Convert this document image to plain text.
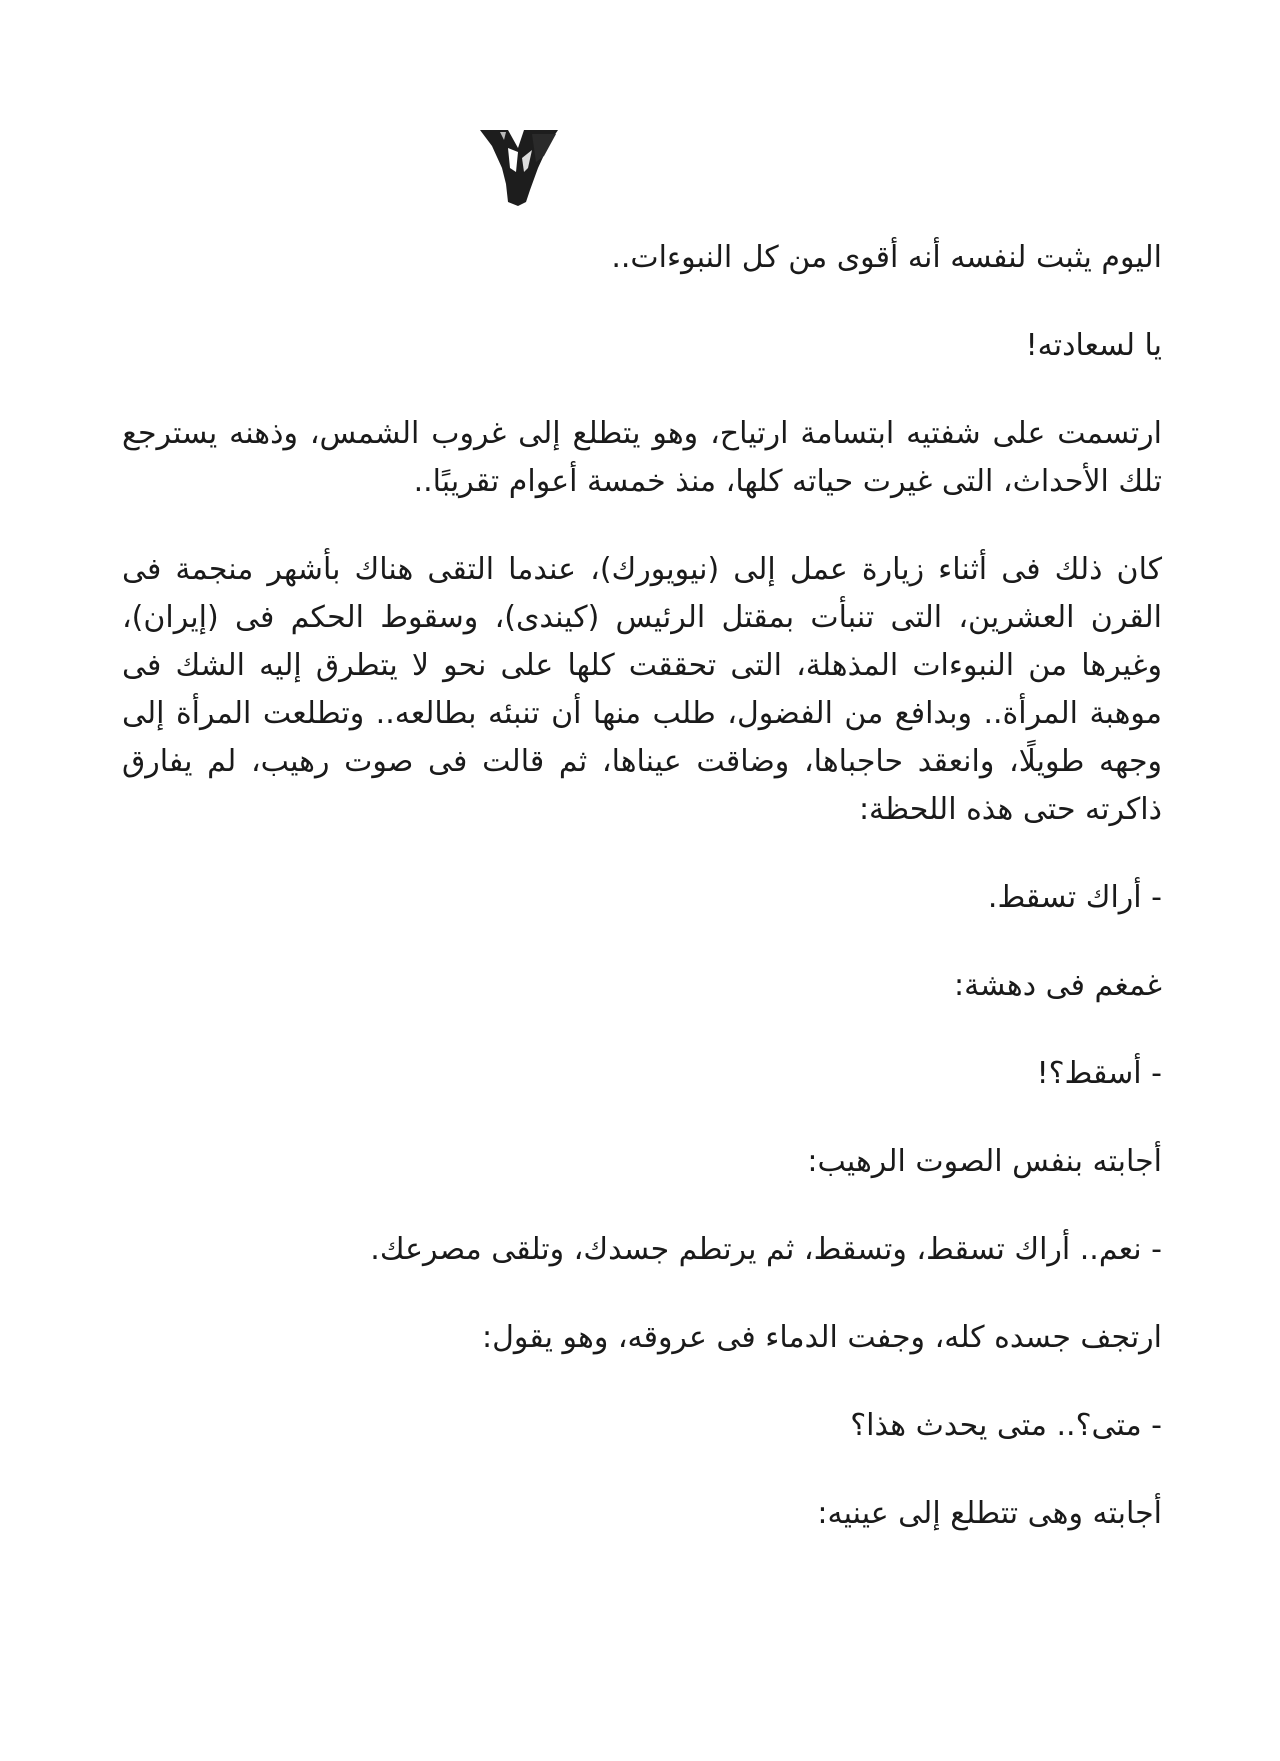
اليوم يثبت لنفسه أنه أقوى من كل النبوءات..

يا لسعادته!

ارتسمت على شفتيه ابتسامة ارتياح، وهو يتطلع إلى غروب الشمس، وذهنه يسترجع تلك الأحداث، التى غيرت حياته كلها، منذ خمسة أعوام تقريبًا..

كان ذلك فى أثناء زيارة عمل إلى (نيويورك)، عندما التقى هناك بأشهر منجمة فى القرن العشرين، التى تنبأت بمقتل الرئيس (كيندى)، وسقوط الحكم فى (إيران)، وغيرها من النبوءات المذهلة، التى تحققت كلها على نحو لا يتطرق إليه الشك فى موهبة المرأة.. وبدافع من الفضول، طلب منها أن تنبئه بطالعه.. وتطلعت المرأة إلى وجهه طويلًا، وانعقد حاجباها، وضاقت عيناها، ثم قالت فى صوت رهيب، لم يفارق ذاكرته حتى هذه اللحظة:

- أراك تسقط.

غمغم فى دهشة:

- أسقط؟!

أجابته بنفس الصوت الرهيب:

- نعم.. أراك تسقط، وتسقط، ثم يرتطم جسدك، وتلقى مصرعك.

ارتجف جسده كله، وجفت الدماء فى عروقه، وهو يقول:

- متى؟.. متى يحدث هذا؟

أجابته وهى تتطلع إلى عينيه:
